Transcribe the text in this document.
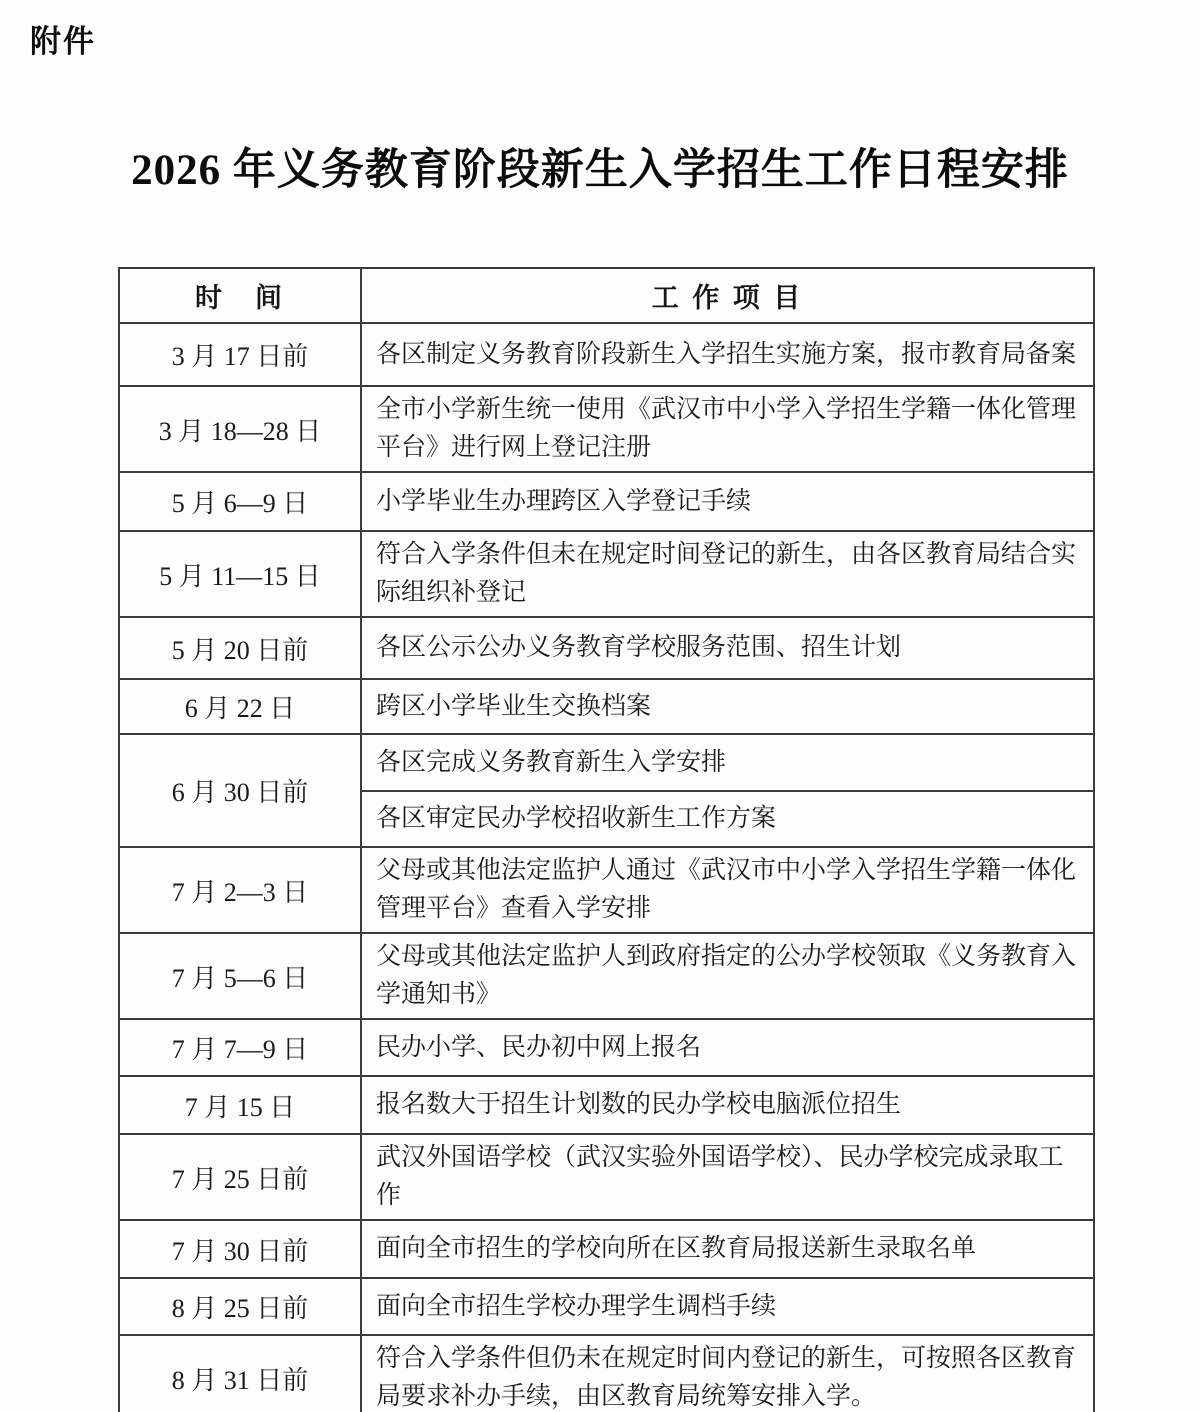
附件
2026 年义务教育阶段新生入学招生工作日程安排
时　间	工 作 项 目
3 月 17 日前	各区制定义务教育阶段新生入学招生实施方案，报市教育局备案
3 月 18—28 日	全市小学新生统一使用《武汉市中小学入学招生学籍一体化管理平台》进行网上登记注册
5 月 6—9 日	小学毕业生办理跨区入学登记手续
5 月 11—15 日	符合入学条件但未在规定时间登记的新生，由各区教育局结合实际组织补登记
5 月 20 日前	各区公示公办义务教育学校服务范围、招生计划
6 月 22 日	跨区小学毕业生交换档案
6 月 30 日前	各区完成义务教育新生入学安排
	各区审定民办学校招收新生工作方案
7 月 2—3 日	父母或其他法定监护人通过《武汉市中小学入学招生学籍一体化管理平台》查看入学安排
7 月 5—6 日	父母或其他法定监护人到政府指定的公办学校领取《义务教育入学通知书》
7 月 7—9 日	民办小学、民办初中网上报名
7 月 15 日	报名数大于招生计划数的民办学校电脑派位招生
7 月 25 日前	武汉外国语学校（武汉实验外国语学校）、民办学校完成录取工作
7 月 30 日前	面向全市招生的学校向所在区教育局报送新生录取名单
8 月 25 日前	面向全市招生学校办理学生调档手续
8 月 31 日前	符合入学条件但仍未在规定时间内登记的新生，可按照各区教育局要求补办手续，由区教育局统筹安排入学。
